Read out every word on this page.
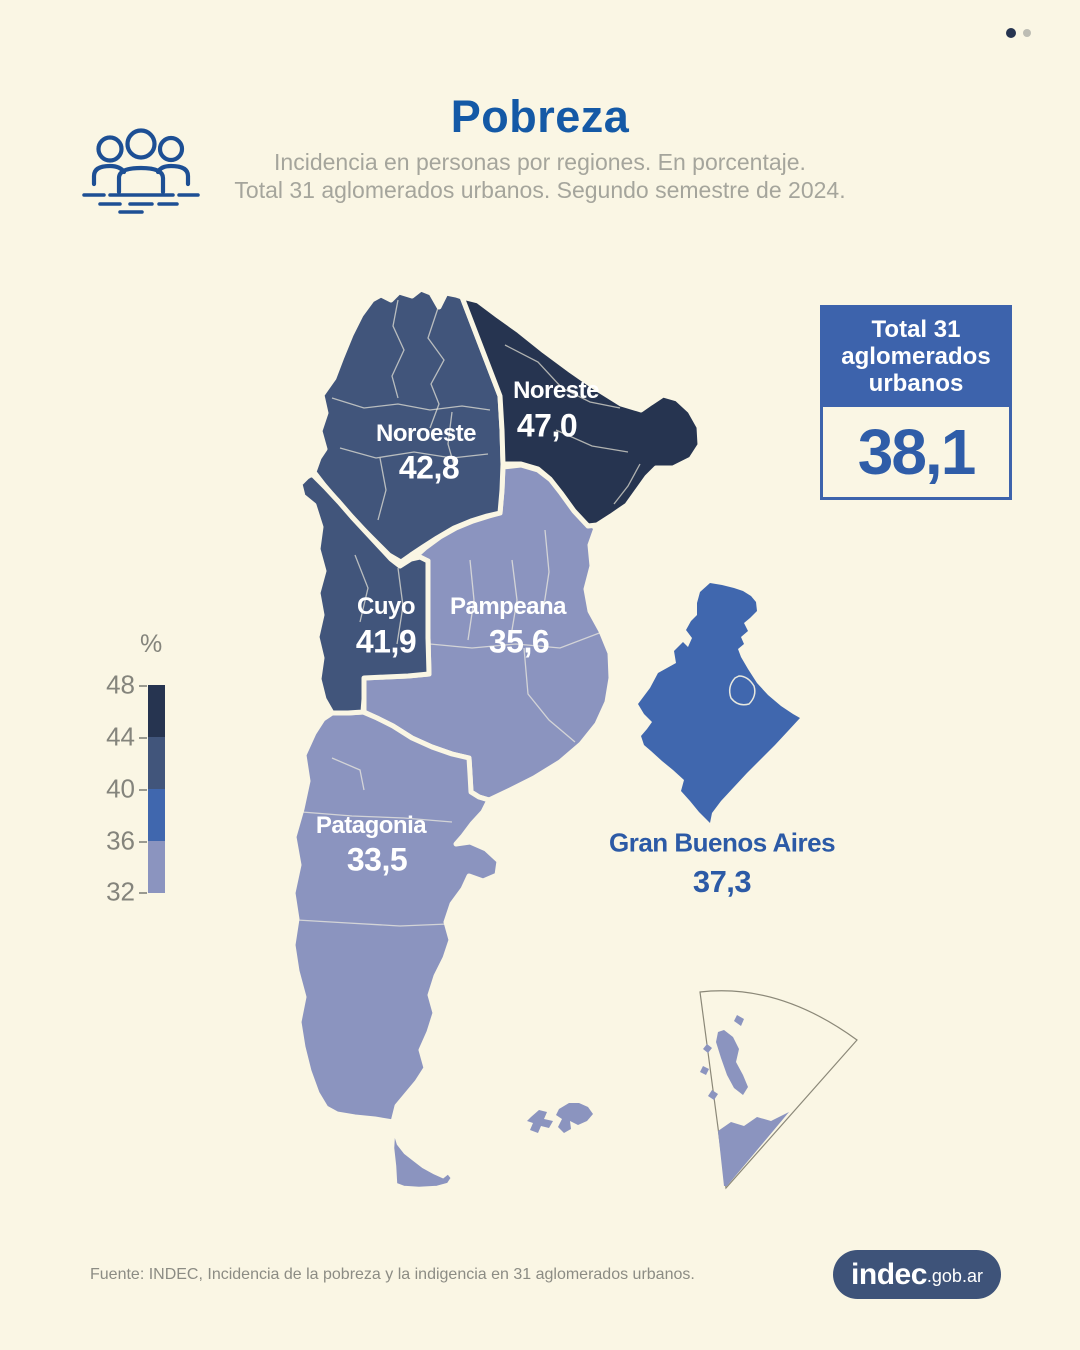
Pobreza
Incidencia en personas por regiones. En porcentaje.
Total 31 aglomerados urbanos. Segundo semestre de 2024.
Noreste
47,0
Noroeste
42,8
Cuyo
41,9
Pampeana
35,6
Patagonia
33,5	Gran Buenos Aires
37,3
Total 31
aglomerados
urbanos
38,1
%
48
44
40
36
32
Fuente: INDEC, Incidencia de la pobreza y la indigencia en 31 aglomerados urbanos.	indec .gob.ar
